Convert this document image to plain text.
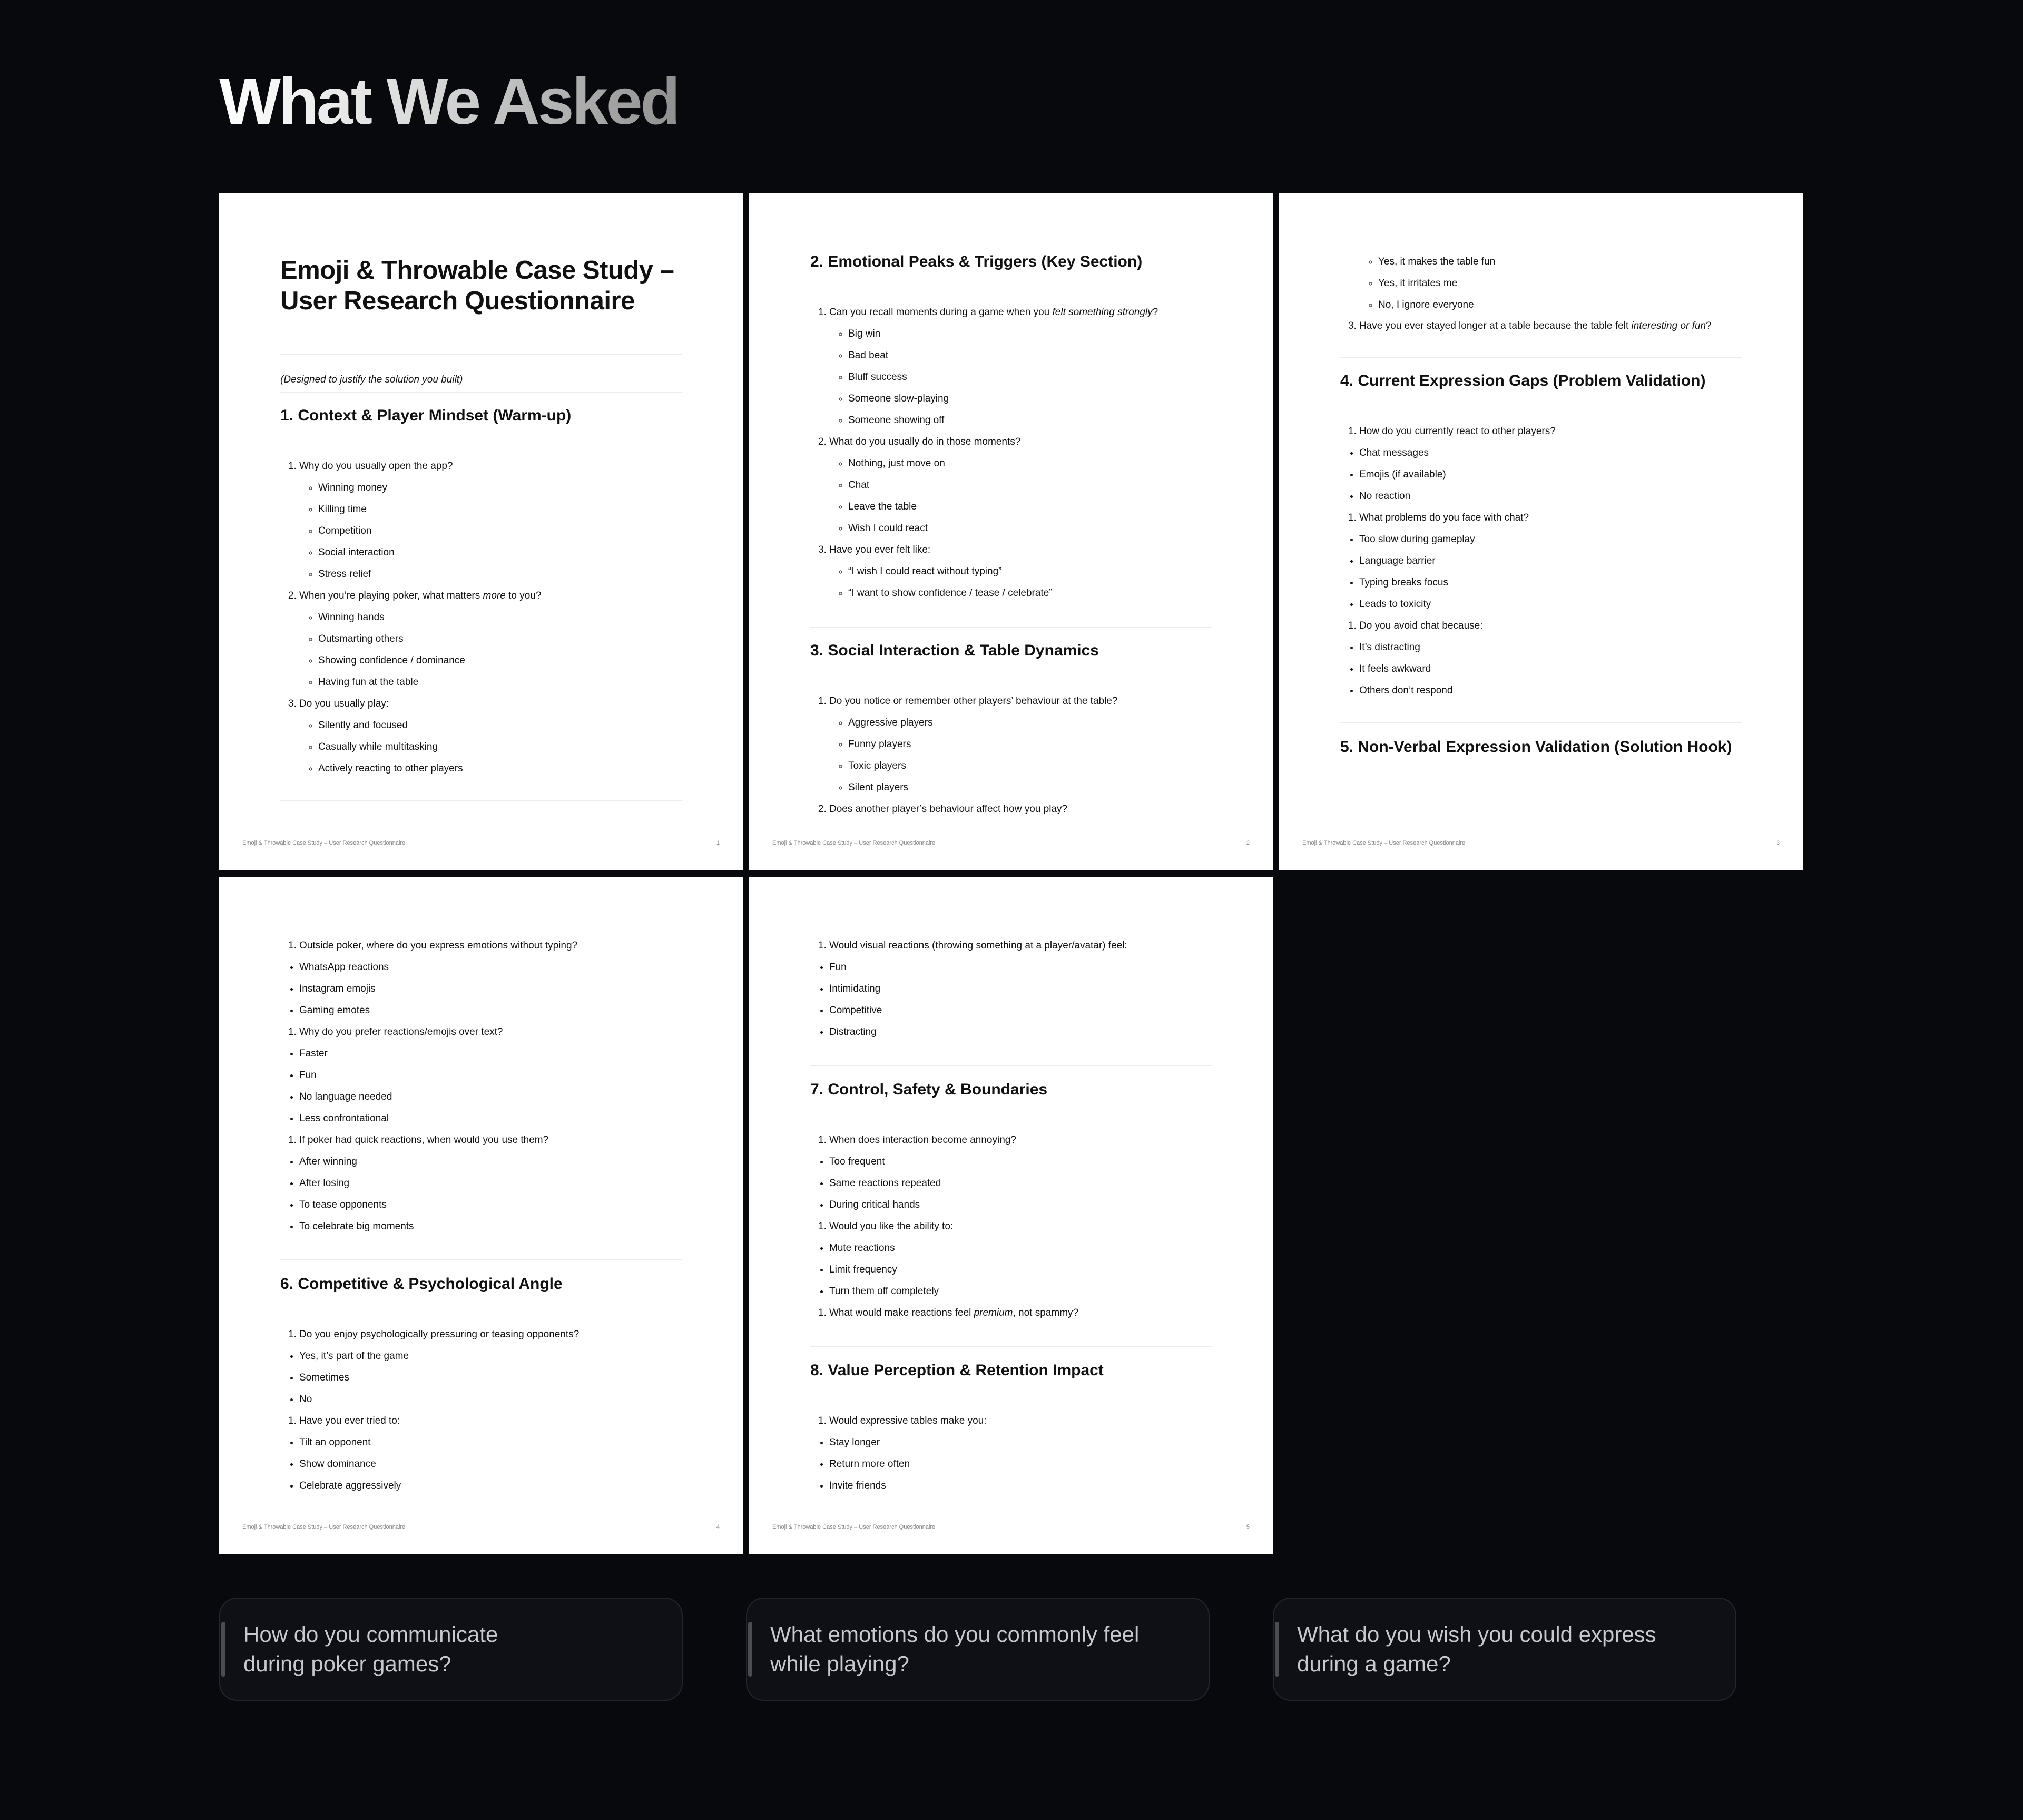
What We Asked
Emoji & Throwable Case Study – User Research Questionnaire

(Designed to justify the solution you built)

1. Context & Player Mindset (Warm-up)
1. Why do you usually open the app?
◦ Winning money
◦ Killing time
◦ Competition
◦ Social interaction
◦ Stress relief
2. When you’re playing poker, what matters more to you?
◦ Winning hands
◦ Outsmarting others
◦ Showing confidence / dominance
◦ Having fun at the table
3. Do you usually play:
◦ Silently and focused
◦ Casually while multitasking
◦ Actively reacting to other players
Emoji & Throwable Case Study – User Research Questionnaire	1
2. Emotional Peaks & Triggers (Key Section)
1. Can you recall moments during a game when you felt something strongly?
◦ Big win
◦ Bad beat
◦ Bluff success
◦ Someone slow-playing
◦ Someone showing off
2. What do you usually do in those moments?
◦ Nothing, just move on
◦ Chat
◦ Leave the table
◦ Wish I could react
3. Have you ever felt like:
◦ “I wish I could react without typing”
◦ “I want to show confidence / tease / celebrate”
3. Social Interaction & Table Dynamics
1. Do you notice or remember other players’ behaviour at the table?
◦ Aggressive players
◦ Funny players
◦ Toxic players
◦ Silent players
2. Does another player’s behaviour affect how you play?
Emoji & Throwable Case Study – User Research Questionnaire	2
◦ Yes, it makes the table fun
◦ Yes, it irritates me
◦ No, I ignore everyone
3. Have you ever stayed longer at a table because the table felt interesting or fun?
4. Current Expression Gaps (Problem Validation)
1. How do you currently react to other players?
• Chat messages
• Emojis (if available)
• No reaction
1. What problems do you face with chat?
• Too slow during gameplay
• Language barrier
• Typing breaks focus
• Leads to toxicity
1. Do you avoid chat because:
• It’s distracting
• It feels awkward
• Others don’t respond
5. Non-Verbal Expression Validation (Solution Hook)
Emoji & Throwable Case Study – User Research Questionnaire	3
1. Outside poker, where do you express emotions without typing?
• WhatsApp reactions
• Instagram emojis
• Gaming emotes
1. Why do you prefer reactions/emojis over text?
• Faster
• Fun
• No language needed
• Less confrontational
1. If poker had quick reactions, when would you use them?
• After winning
• After losing
• To tease opponents
• To celebrate big moments
6. Competitive & Psychological Angle
1. Do you enjoy psychologically pressuring or teasing opponents?
• Yes, it’s part of the game
• Sometimes
• No
1. Have you ever tried to:
• Tilt an opponent
• Show dominance
• Celebrate aggressively
Emoji & Throwable Case Study – User Research Questionnaire	4
1. Would visual reactions (throwing something at a player/avatar) feel:
• Fun
• Intimidating
• Competitive
• Distracting
7. Control, Safety & Boundaries
1. When does interaction become annoying?
• Too frequent
• Same reactions repeated
• During critical hands
1. Would you like the ability to:
• Mute reactions
• Limit frequency
• Turn them off completely
1. What would make reactions feel premium, not spammy?
8. Value Perception & Retention Impact
1. Would expressive tables make you:
• Stay longer
• Return more often
• Invite friends
Emoji & Throwable Case Study – User Research Questionnaire	5
How do you communicate
during poker games?
What emotions do you commonly feel
while playing?
What do you wish you could express
during a game?
